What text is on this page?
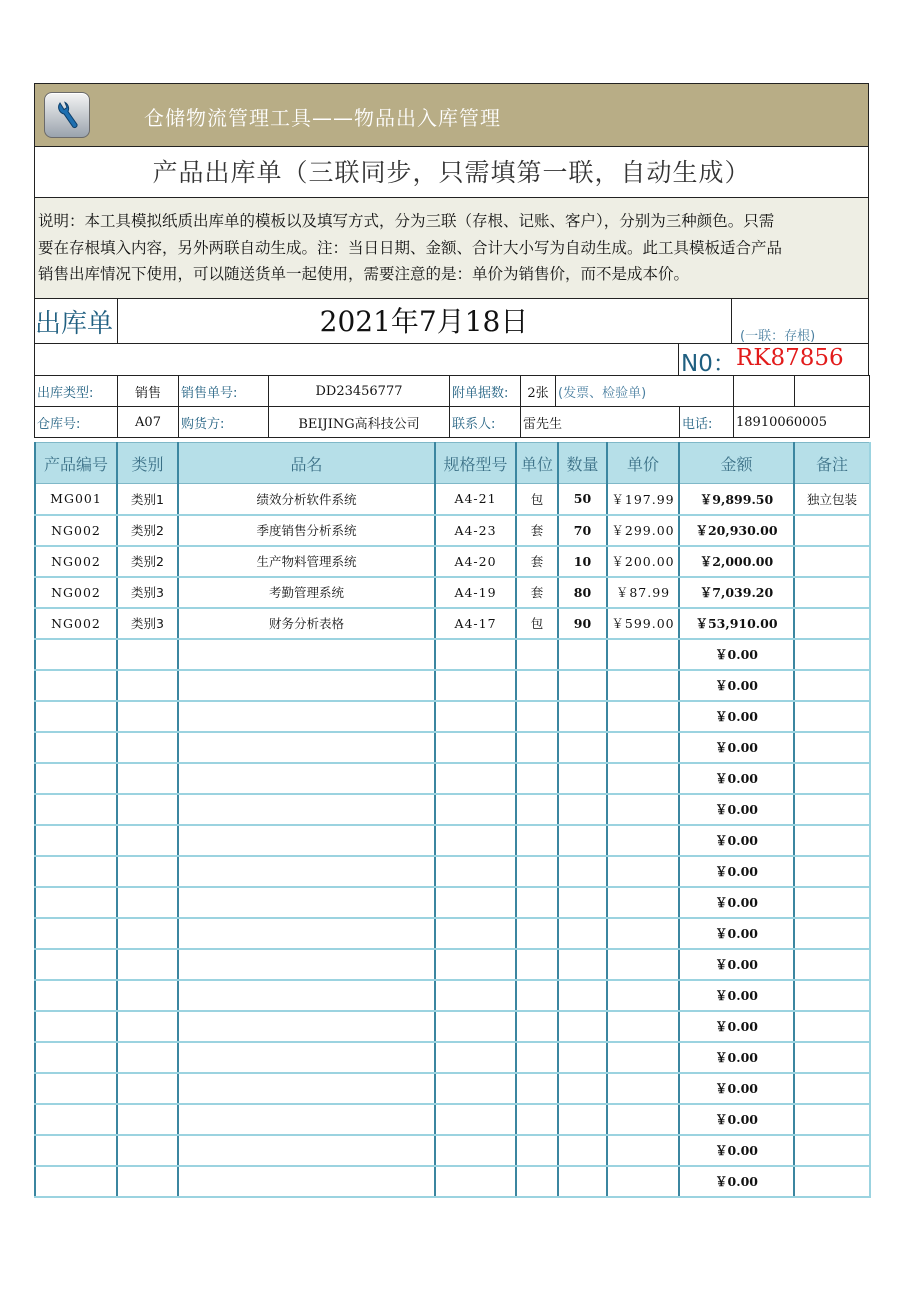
仓储物流管理工具——物品出入库管理
产品出库单（三联同步，只需填第一联，自动生成）
说明：本工具模拟纸质出库单的模板以及填写方式，分为三联（存根、记账、客户），分别为三种颜色。只需
要在存根填入内容，另外两联自动生成。注：当日日期、金额、合计大小写为自动生成。此工具模板适合产品
销售出库情况下使用，可以随送货单一起使用，需要注意的是：单价为销售价，而不是成本价。
出库单	2021年7月18日	(一联：存根)
N0： RK87856
出库类型:	销售	销售单号:	DD23456777	附单据数:	2张	(发票、检验单)			
仓库号:	A07	购货方:	BEIJING高科技公司	联系人:	雷先生		电话:	18910060005	
产品编号	类别	品名	规格型号	单位	数量	单价	金额	备注
MG001	类别1	绩效分析软件系统	A4-21	包	50	￥197.99	￥9,899.50	独立包装
NG002	类别2	季度销售分析系统	A4-23	套	70	￥299.00	￥20,930.00	
NG002	类别2	生产物料管理系统	A4-20	套	10	￥200.00	￥2,000.00	
NG002	类别3	考勤管理系统	A4-19	套	80	￥87.99	￥7,039.20	
NG002	类别3	财务分析表格	A4-17	包	90	￥599.00	￥53,910.00	
							￥0.00	
							￥0.00	
							￥0.00	
							￥0.00	
							￥0.00	
							￥0.00	
							￥0.00	
							￥0.00	
							￥0.00	
							￥0.00	
							￥0.00	
							￥0.00	
							￥0.00	
							￥0.00	
							￥0.00	
							￥0.00	
							￥0.00	
							￥0.00	
